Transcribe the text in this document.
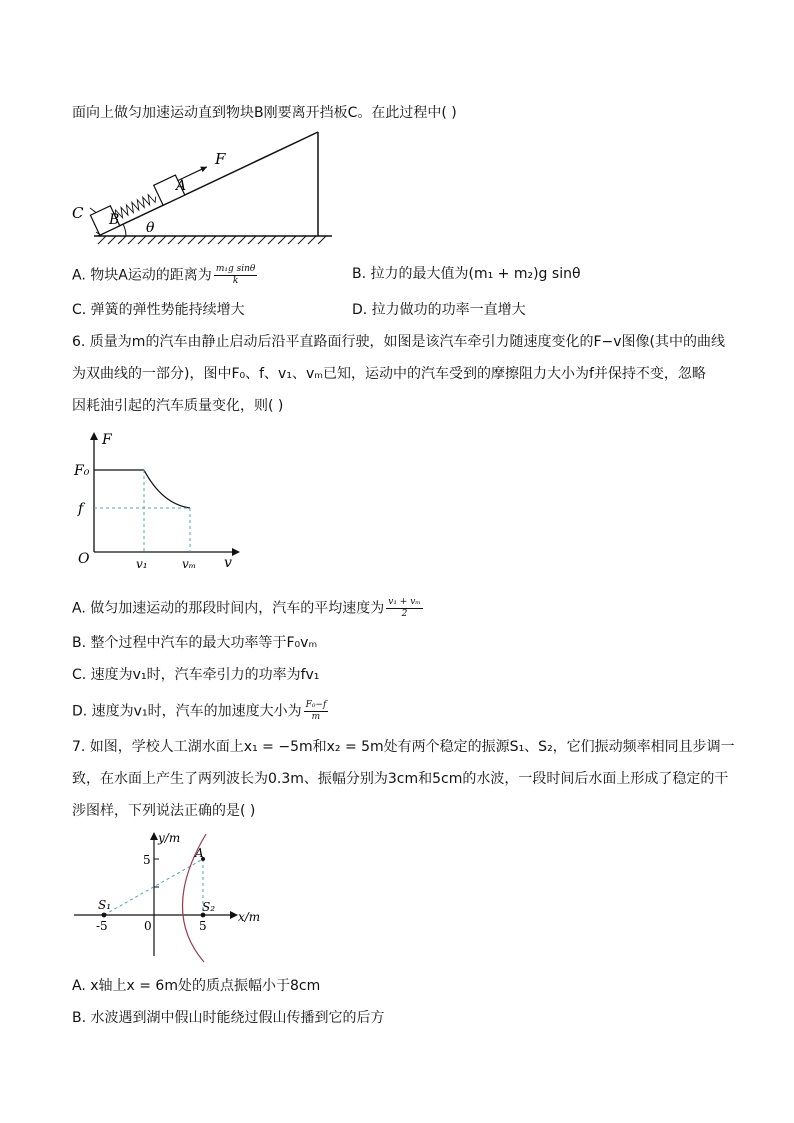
面向上做匀加速运动直到物块B刚要离开挡板C。在此过程中( )
C B
A
F
θ
A. 物块A运动的距离为 $\frac{\text{m₁g sinθ}}{k}$	B. 拉力的最大值为(m₁ + m₂)g sinθ
C. 弹簧的弹性势能持续增大	D. 拉力做功的功率一直增大
6. 质量为m的汽车由静止启动后沿平直路面行驶，如图是该汽车牵引力随速度变化的F−v图像(其中的曲线
为双曲线的一部分)，图中F₀、f、v₁、vₘ已知，运动中的汽车受到的摩擦阻力大小为f并保持不变，忽略
因耗油引起的汽车质量变化，则( )
F
F₀
f
O	v₁	vₘ v
A. 做匀加速运动的那段时间内，汽车的平均速度为 $\frac{\text{v₁ + vₘ}}{2}$
B. 整个过程中汽车的最大功率等于F₀vₘ
C. 速度为v₁时，汽车牵引力的功率为fv₁
D. 速度为v₁时，汽车的加速度大小为 $\frac{\text{F₀−f}}{m}$
7. 如图，学校人工湖水面上x₁ = −5m和x₂ = 5m处有两个稳定的振源S₁、S₂，它们振动频率相同且步调一
致，在水面上产生了两列波长为0.3m、振幅分别为3cm和5cm的水波，一段时间后水面上形成了稳定的干
涉图样，下列说法正确的是( )
y/m
x/m
A
5
S₁	S₂
-5	0	5
A. x轴上x = 6m处的质点振幅小于8cm
B. 水波遇到湖中假山时能绕过假山传播到它的后方
